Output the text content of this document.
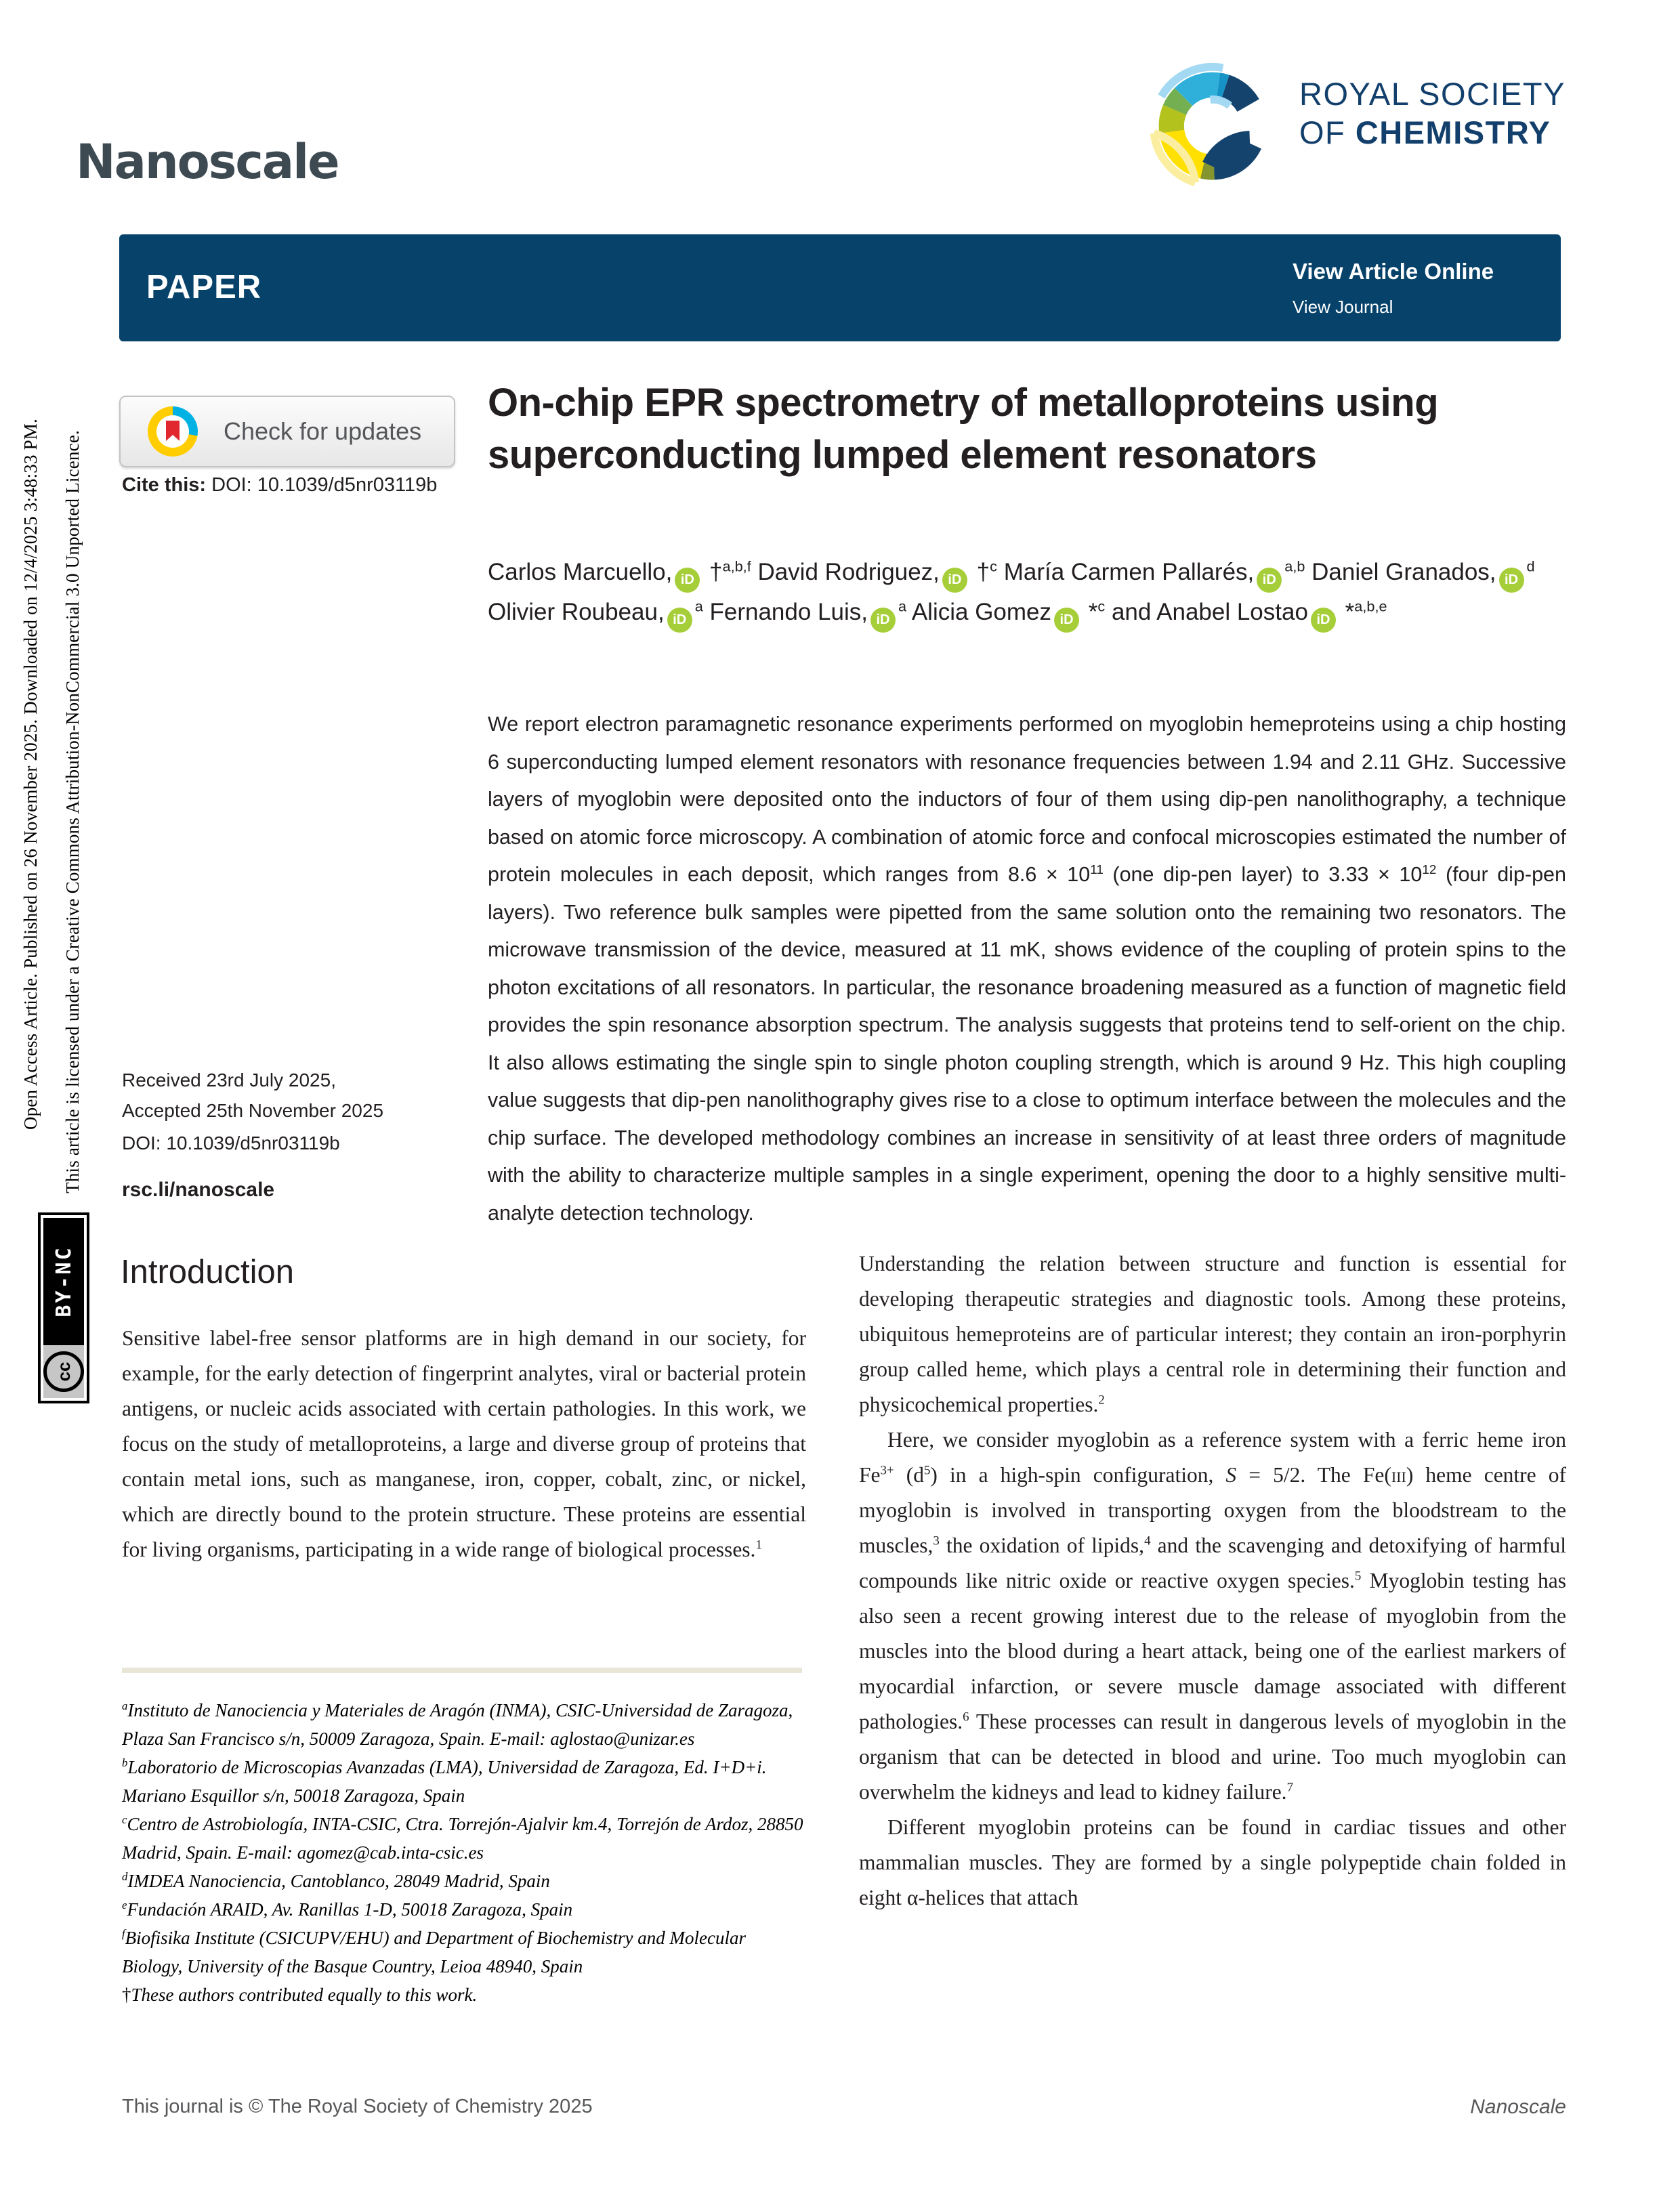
Open Access Article. Published on 26 November 2025. Downloaded on 12/4/2025 3:48:33 PM. This article is licensed under a Creative Commons Attribution-NonCommercial 3.0 Unported Licence.
cc
BY-NC
Nanoscale
ROYAL SOCIETY
OF CHEMISTRY
PAPER	View Article Online
View Journal
Check for updates
Cite this: DOI: 10.1039/d5nr03119b
Received 23rd July 2025,
Accepted 25th November 2025
DOI: 10.1039/d5nr03119b
rsc.li/nanoscale
On-chip EPR spectrometry of metalloproteins using superconducting lumped element resonators
Carlos Marcuello, iD †$^{a,b,f}$ David Rodriguez, iD †$^c$ María Carmen Pallarés, iD$^{a,b}$ Daniel Granados, $iD^d$ Olivier Roubeau, $iD^a$ Fernando Luis, $iD^a$ Alicia Gomez iD *$^c$ and Anabel Lostao iD *$^{a,b,e}$
We report electron paramagnetic resonance experiments performed on myoglobin hemeproteins using a chip hosting 6 superconducting lumped element resonators with resonance frequencies between 1.94 and 2.11 GHz. Successive layers of myoglobin were deposited onto the inductors of four of them using dip-pen nanolithography, a technique based on atomic force microscopy. A combination of atomic force and confocal microscopies estimated the number of protein molecules in each deposit, which ranges from $8.6 \times 10^{11}$ (one dip-pen layer) to $3.33 \times 10^{12}$ (four dip-pen layers). Two reference bulk samples were pipetted from the same solution onto the remaining two resonators. The microwave transmission of the device, measured at 11 mK, shows evidence of the coupling of protein spins to the photon excitations of all resonators. In particular, the resonance broadening measured as a function of magnetic field provides the spin resonance absorption spectrum. The analysis suggests that proteins tend to self-orient on the chip. It also allows estimating the single spin to single photon coupling strength, which is around 9 Hz. This high coupling value suggests that dip-pen nanolithography gives rise to a close to optimum interface between the molecules and the chip surface. The developed methodology combines an increase in sensitivity of at least three orders of magnitude with the ability to characterize multiple samples in a single experiment, opening the door to a highly sensitive multi-analyte detection technology.
Introduction

Sensitive label-free sensor platforms are in high demand in our society, for example, for the early detection of fingerprint analytes, viral or bacterial protein antigens, or nucleic acids associated with certain pathologies. In this work, we focus on the study of metalloproteins, a large and diverse group of proteins that contain metal ions, such as manganese, iron, copper, cobalt, zinc, or nickel, which are directly bound to the protein structure. These proteins are essential for living organisms, participating in a wide range of biological processes.$^1$

Understanding the relation between structure and function is essential for developing therapeutic strategies and diagnostic tools. Among these proteins, ubiquitous hemeproteins are of particular interest; they contain an iron-porphyrin group called heme, which plays a central role in determining their function and physicochemical properties.$^2$

Here, we consider myoglobin as a reference system with a ferric heme iron $Fe^{3+}$ $(d^5)$ in a high-spin configuration, S = 5/2. The Fe(iii) heme centre of myoglobin is involved in transporting oxygen from the bloodstream to the muscles,$^3$ the oxidation of lipids,$^4$ and the scavenging and detoxifying of harmful compounds like nitric oxide or reactive oxygen species.$^5$ Myoglobin testing has also seen a recent growing interest due to the release of myoglobin from the muscles into the blood during a heart attack, being one of the earliest markers of myocardial infarction, or severe muscle damage associated with different pathologies.$^6$ These processes can result in dangerous levels of myoglobin in the organism that can be detected in blood and urine. Too much myoglobin can overwhelm the kidneys and lead to kidney failure.$^7$

Different myoglobin proteins can be found in cardiac tissues and other mammalian muscles. They are formed by a single polypeptide chain folded in eight α-helices that attach

$^a$Instituto de Nanociencia y Materiales de Aragón (INMA), CSIC-Universidad de Zaragoza, Plaza San Francisco s/n, 50009 Zaragoza, Spain. E-mail: aglostao@unizar.es
$^b$Laboratorio de Microscopias Avanzadas (LMA), Universidad de Zaragoza, Ed. I+D+i. Mariano Esquillor s/n, 50018 Zaragoza, Spain
$^c$Centro de Astrobiología, INTA-CSIC, Ctra. Torrejón-Ajalvir km.4, Torrejón de Ardoz, 28850 Madrid, Spain. E-mail: agomez@cab.inta-csic.es
$^d$IMDEA Nanociencia, Cantoblanco, 28049 Madrid, Spain
$^e$Fundación ARAID, Av. Ranillas 1-D, 50018 Zaragoza, Spain
$^f$Biofisika Institute (CSICUPV/EHU) and Department of Biochemistry and Molecular Biology, University of the Basque Country, Leioa 48940, Spain
†These authors contributed equally to this work.
This journal is © The Royal Society of Chemistry 2025	Nanoscale
